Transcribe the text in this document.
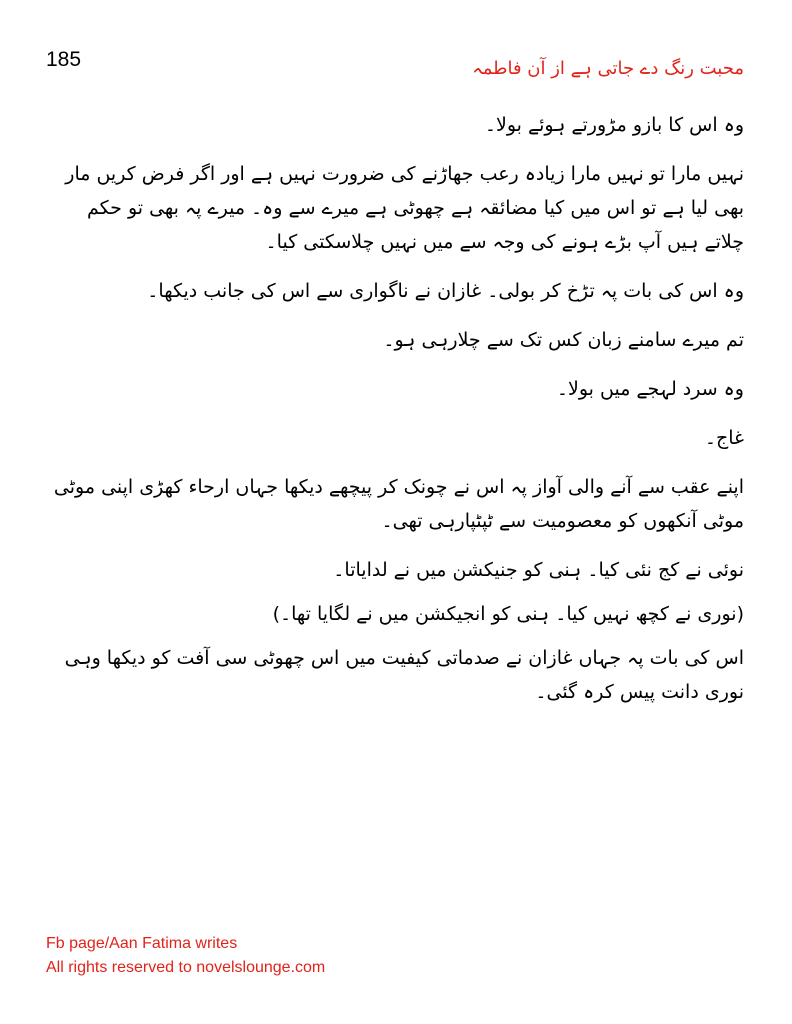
185	محبت رنگ دے جاتی ہے از آن فاطمہ

وہ اس کا بازو مڑورتے ہوئے بولا۔

نہیں مارا تو نہیں مارا زیادہ رعب جھاڑنے کی ضرورت نہیں ہے اور اگر فرض کریں مار بھی لیا ہے تو اس میں کیا مضائقہ ہے چھوٹی ہے میرے سے وہ۔ میرے پہ بھی تو حکم چلاتے ہیں آپ بڑے ہونے کی وجہ سے میں نہیں چلاسکتی کیا۔

وہ اس کی بات پہ تڑخ کر بولی۔ غازان نے ناگواری سے اس کی جانب دیکھا۔

تم میرے سامنے زبان کس تک سے چلارہی ہو۔

وہ سرد لہجے میں بولا۔

غاج۔

اپنے عقب سے آنے والی آواز پہ اس نے چونک کر پیچھے دیکھا جہاں ارحاء کھڑی اپنی موٹی موٹی آنکھوں کو معصومیت سے ٹپٹپارہی تھی۔

نوئی نے کج نئی کیا۔ ہنی کو جنیکشن میں نے لدایاتا۔

(نوری نے کچھ نہیں کیا۔ ہنی کو انجیکشن میں نے لگایا تھا۔)

اس کی بات پہ جہاں غازان نے صدماتی کیفیت میں اس چھوٹی سی آفت کو دیکھا وہی نوری دانت پیس کرہ گئی۔

Fb page/Aan Fatima writes
All rights reserved to novelslounge.com
